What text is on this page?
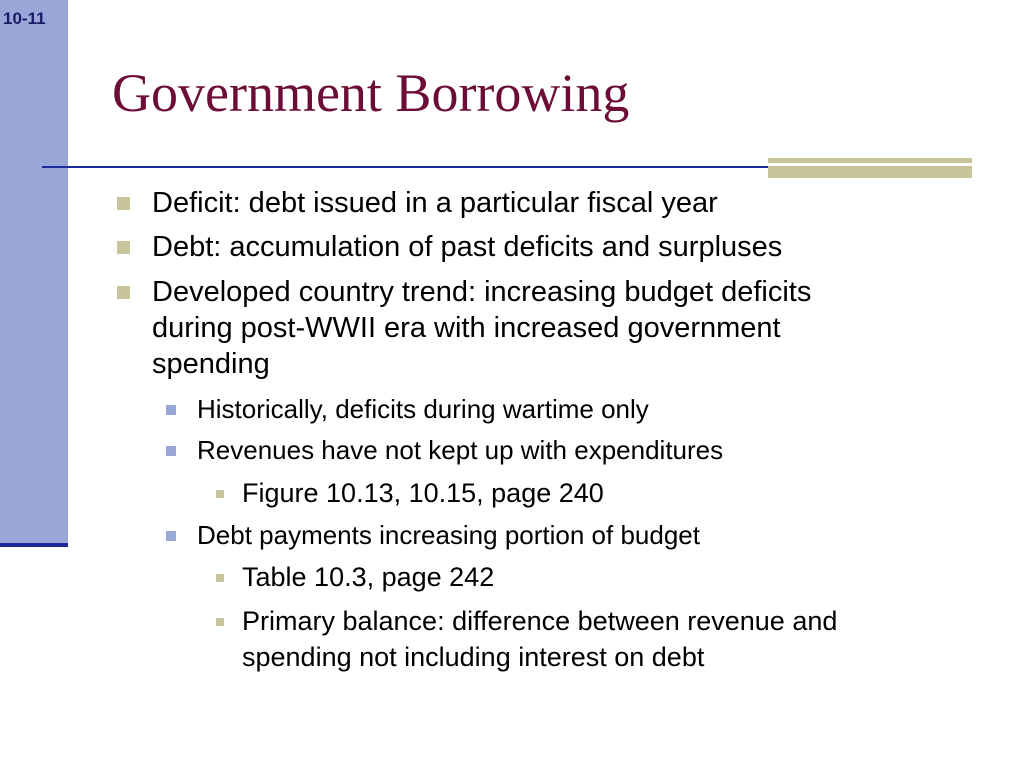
10-11
Government Borrowing
Deficit: debt issued in a particular fiscal year
Debt: accumulation of past deficits and surpluses
Developed country trend: increasing budget deficits
during post-WWII era with increased government
spending
Historically, deficits during wartime only
Revenues have not kept up with expenditures
Figure 10.13, 10.15, page 240
Debt payments increasing portion of budget
Table 10.3, page 242
Primary balance: difference between revenue and
spending not including interest on debt
